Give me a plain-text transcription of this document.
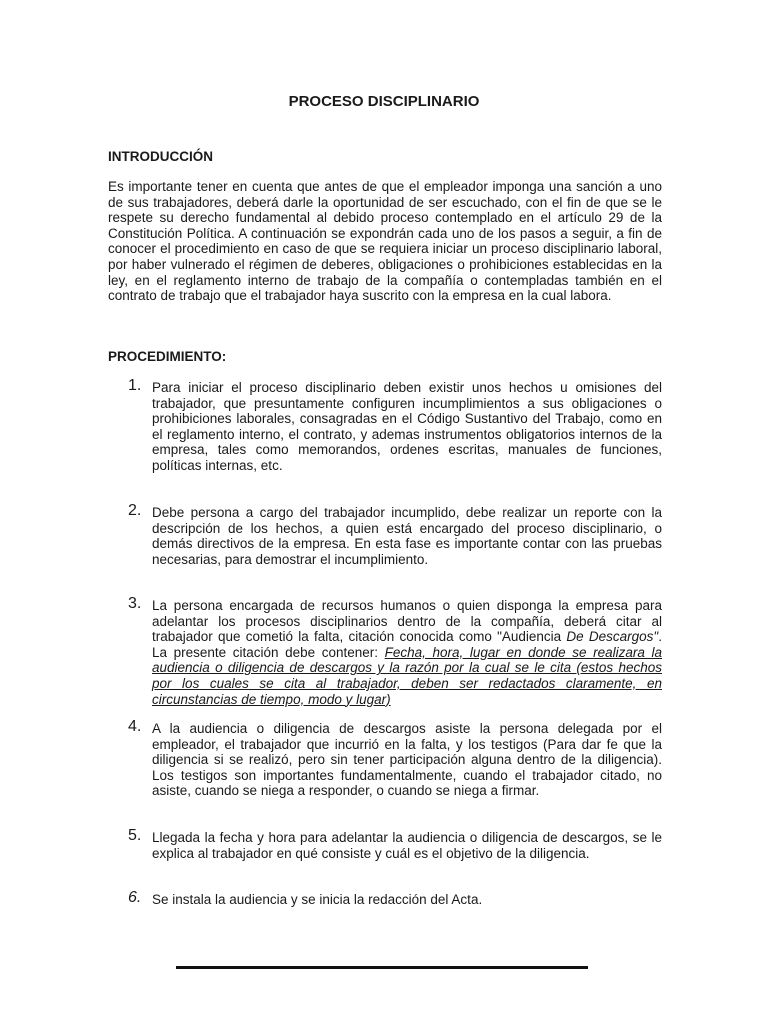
PROCESO DISCIPLINARIO
INTRODUCCIÓN

Es importante tener en cuenta que antes de que el empleador imponga una sanción a uno de sus trabajadores, deberá darle la oportunidad de ser escuchado, con el fin de que se le respete su derecho fundamental al debido proceso contemplado en el artículo 29 de la Constitución Política. A continuación se expondrán cada uno de los pasos a seguir, a fin de conocer el procedimiento en caso de que se requiera iniciar un proceso disciplinario laboral, por haber vulnerado el régimen de deberes, obligaciones o prohibiciones establecidas en la ley, en el reglamento interno de trabajo de la compañía o contempladas también en el contrato de trabajo que el trabajador haya suscrito con la empresa en la cual labora.

PROCEDIMIENTO:
1. Para iniciar el proceso disciplinario deben existir unos hechos u omisiones del trabajador, que presuntamente configuren incumplimientos a sus obligaciones o prohibiciones laborales, consagradas en el Código Sustantivo del Trabajo, como en el reglamento interno, el contrato, y ademas instrumentos obligatorios internos de la empresa, tales como memorandos, ordenes escritas, manuales de funciones, políticas internas, etc.

2. Debe persona a cargo del trabajador incumplido, debe realizar un reporte con la descripción de los hechos, a quien está encargado del proceso disciplinario, o demás directivos de la empresa. En esta fase es importante contar con las pruebas necesarias, para demostrar el incumplimiento.

3. La persona encargada de recursos humanos o quien disponga la empresa para adelantar los procesos disciplinarios dentro de la compañía, deberá citar al trabajador que cometió la falta, citación conocida como "Audiencia De Descargos". La presente citación debe contener: Fecha, hora, lugar en donde se realizara la audiencia o diligencia de descargos y la razón por la cual se le cita (estos hechos por los cuales se cita al trabajador, deben ser redactados claramente, en circunstancias de tiempo, modo y lugar)

4. A la audiencia o diligencia de descargos asiste la persona delegada por el empleador, el trabajador que incurrió en la falta, y los testigos (Para dar fe que la diligencia si se realizó, pero sin tener participación alguna dentro de la diligencia). Los testigos son importantes fundamentalmente, cuando el trabajador citado, no asiste, cuando se niega a responder, o cuando se niega a firmar.

5. Llegada la fecha y hora para adelantar la audiencia o diligencia de descargos, se le explica al trabajador en qué consiste y cuál es el objetivo de la diligencia.

6. Se instala la audiencia y se inicia la redacción del Acta.
